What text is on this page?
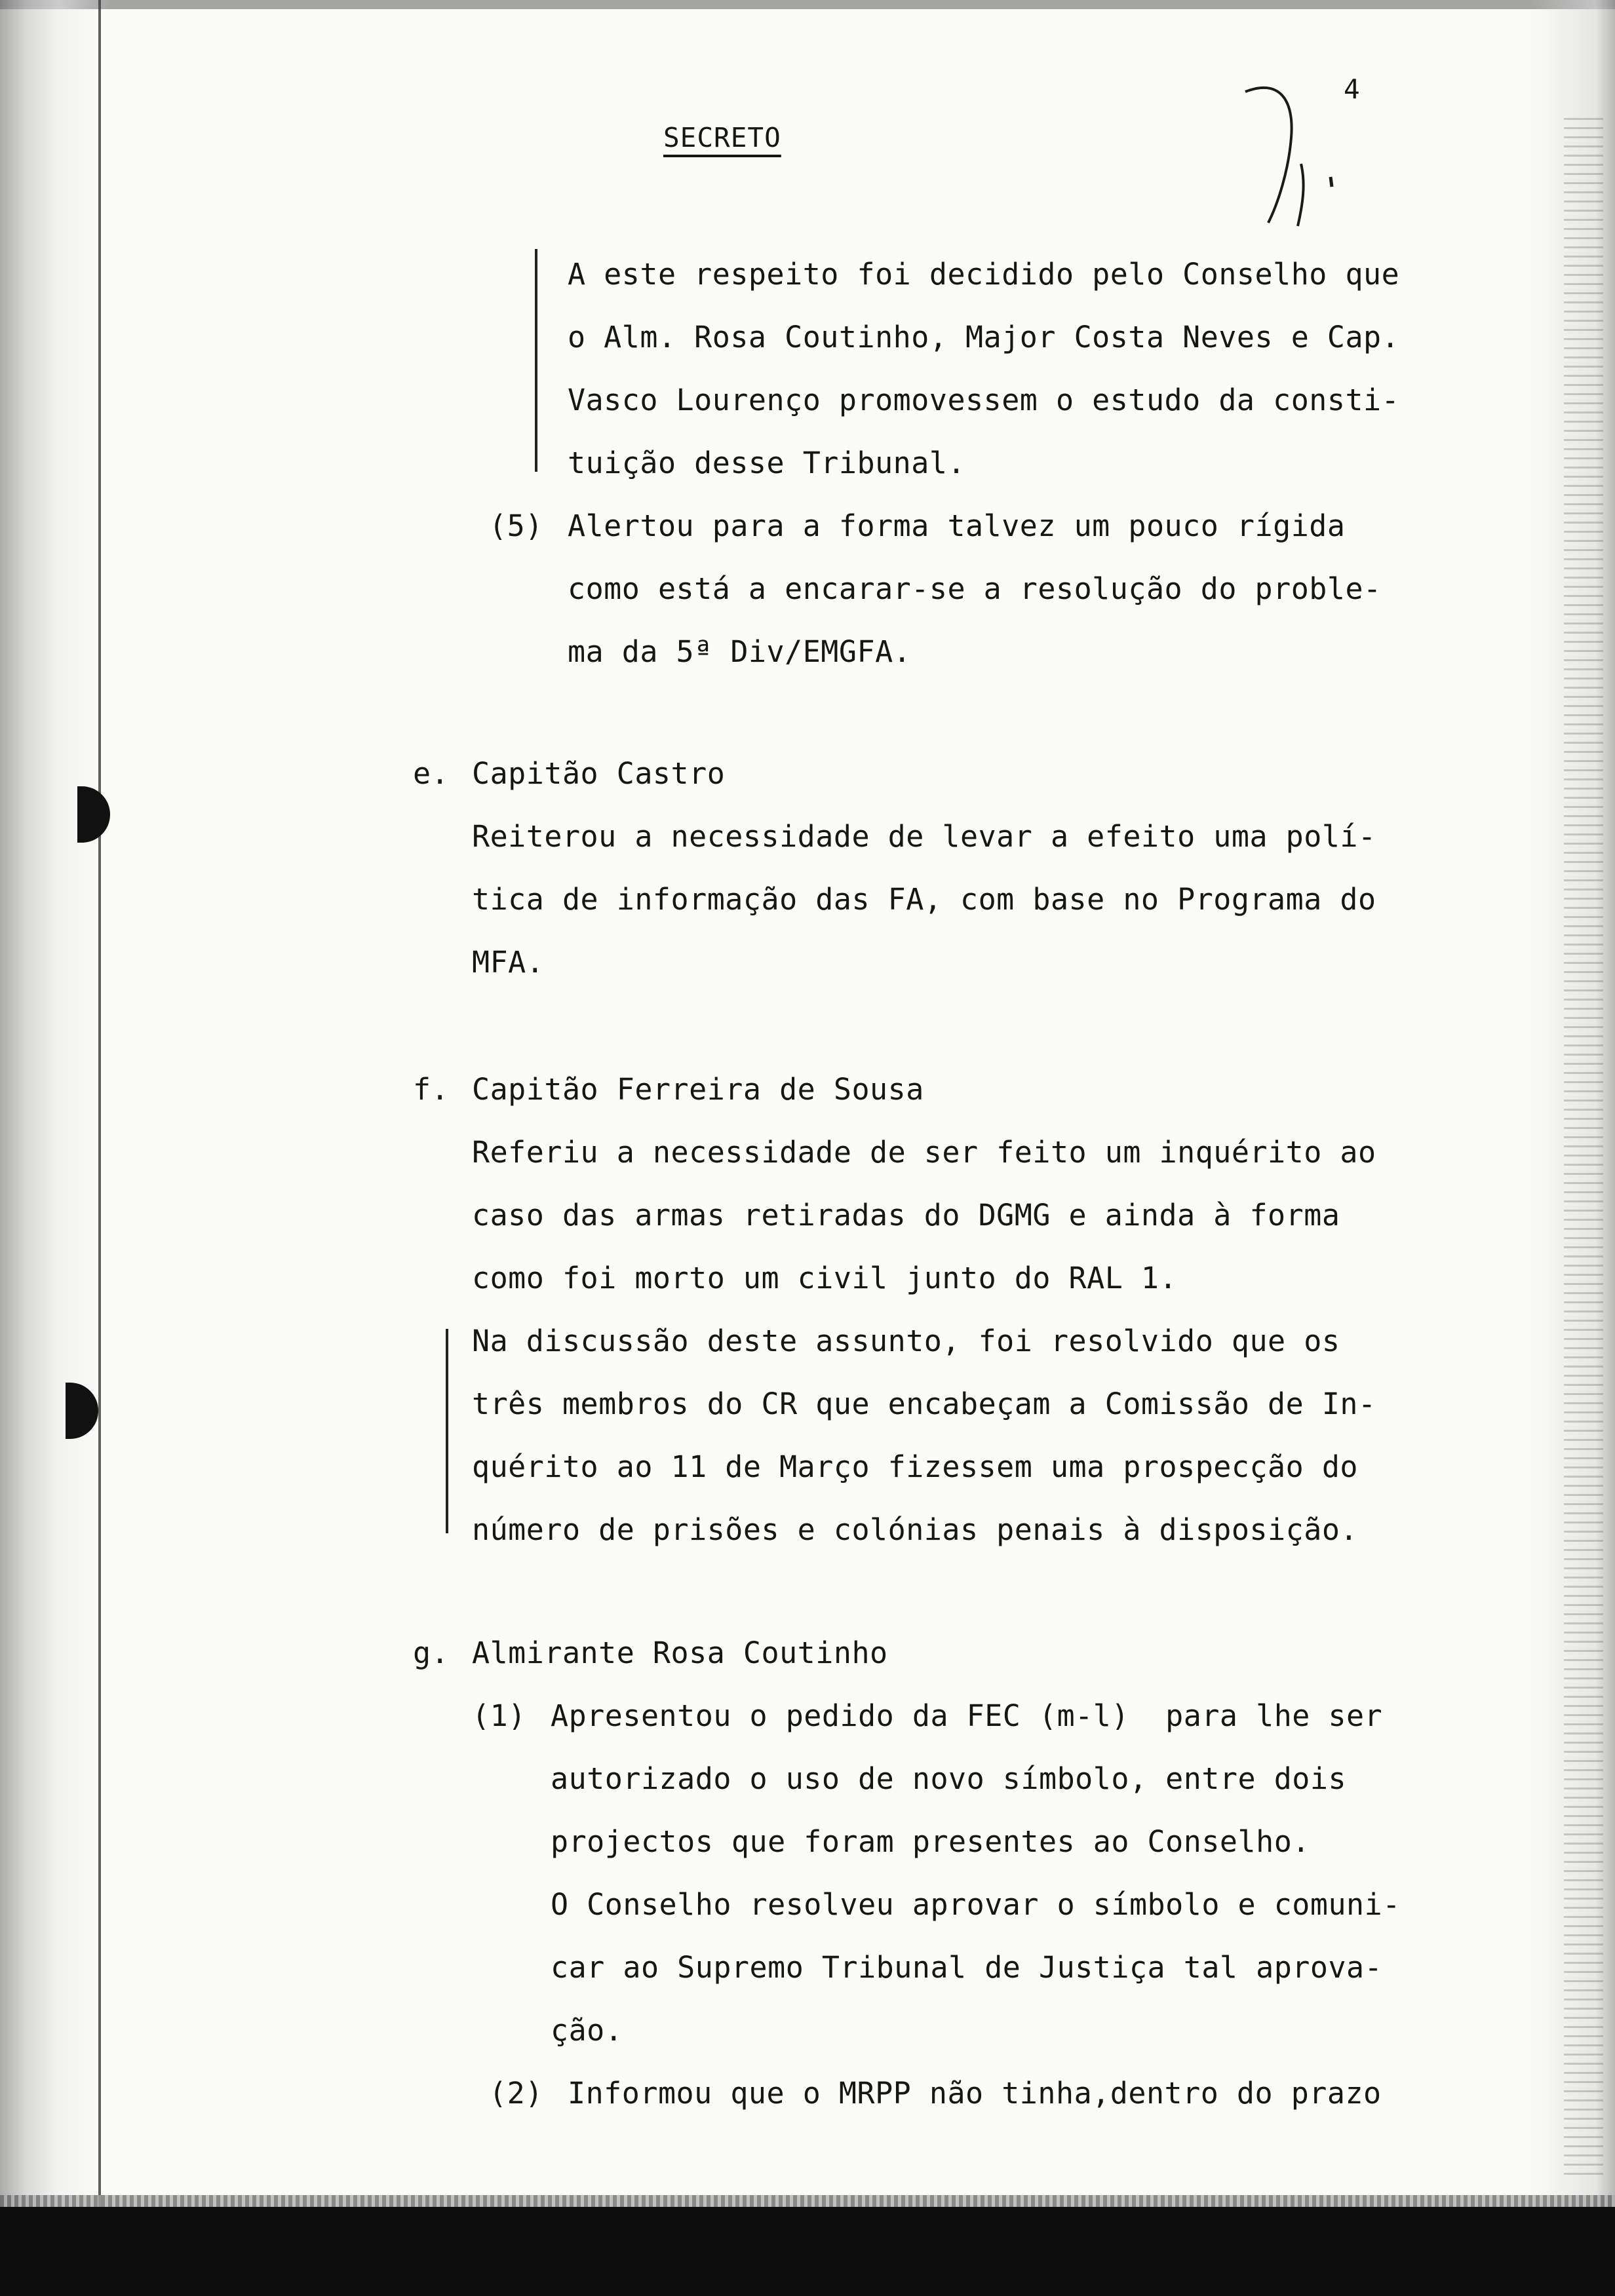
SECRETO
4
A este respeito foi decidido pelo Conselho que
o Alm. Rosa Coutinho, Major Costa Neves e Cap.
Vasco Lourenço promovessem o estudo da consti-
tuição desse Tribunal.
(5) Alertou para a forma talvez um pouco rígida
como está a encarar-se a resolução do proble-
ma da 5ª Div/EMGFA.
e. Capitão Castro
Reiterou a necessidade de levar a efeito uma polí-
tica de informação das FA, com base no Programa do
MFA.
f. Capitão Ferreira de Sousa
Referiu a necessidade de ser feito um inquérito ao
caso das armas retiradas do DGMG e ainda à forma
como foi morto um civil junto do RAL 1.
Na discussão deste assunto, foi resolvido que os
três membros do CR que encabeçam a Comissão de In-
quérito ao 11 de Março fizessem uma prospecção do
número de prisões e colónias penais à disposição.
g. Almirante Rosa Coutinho
(1) Apresentou o pedido da FEC (m-l)  para lhe ser
autorizado o uso de novo símbolo, entre dois
projectos que foram presentes ao Conselho.
O Conselho resolveu aprovar o símbolo e comuni-
car ao Supremo Tribunal de Justiça tal aprova-
ção.
(2) Informou que o MRPP não tinha,dentro do prazo
